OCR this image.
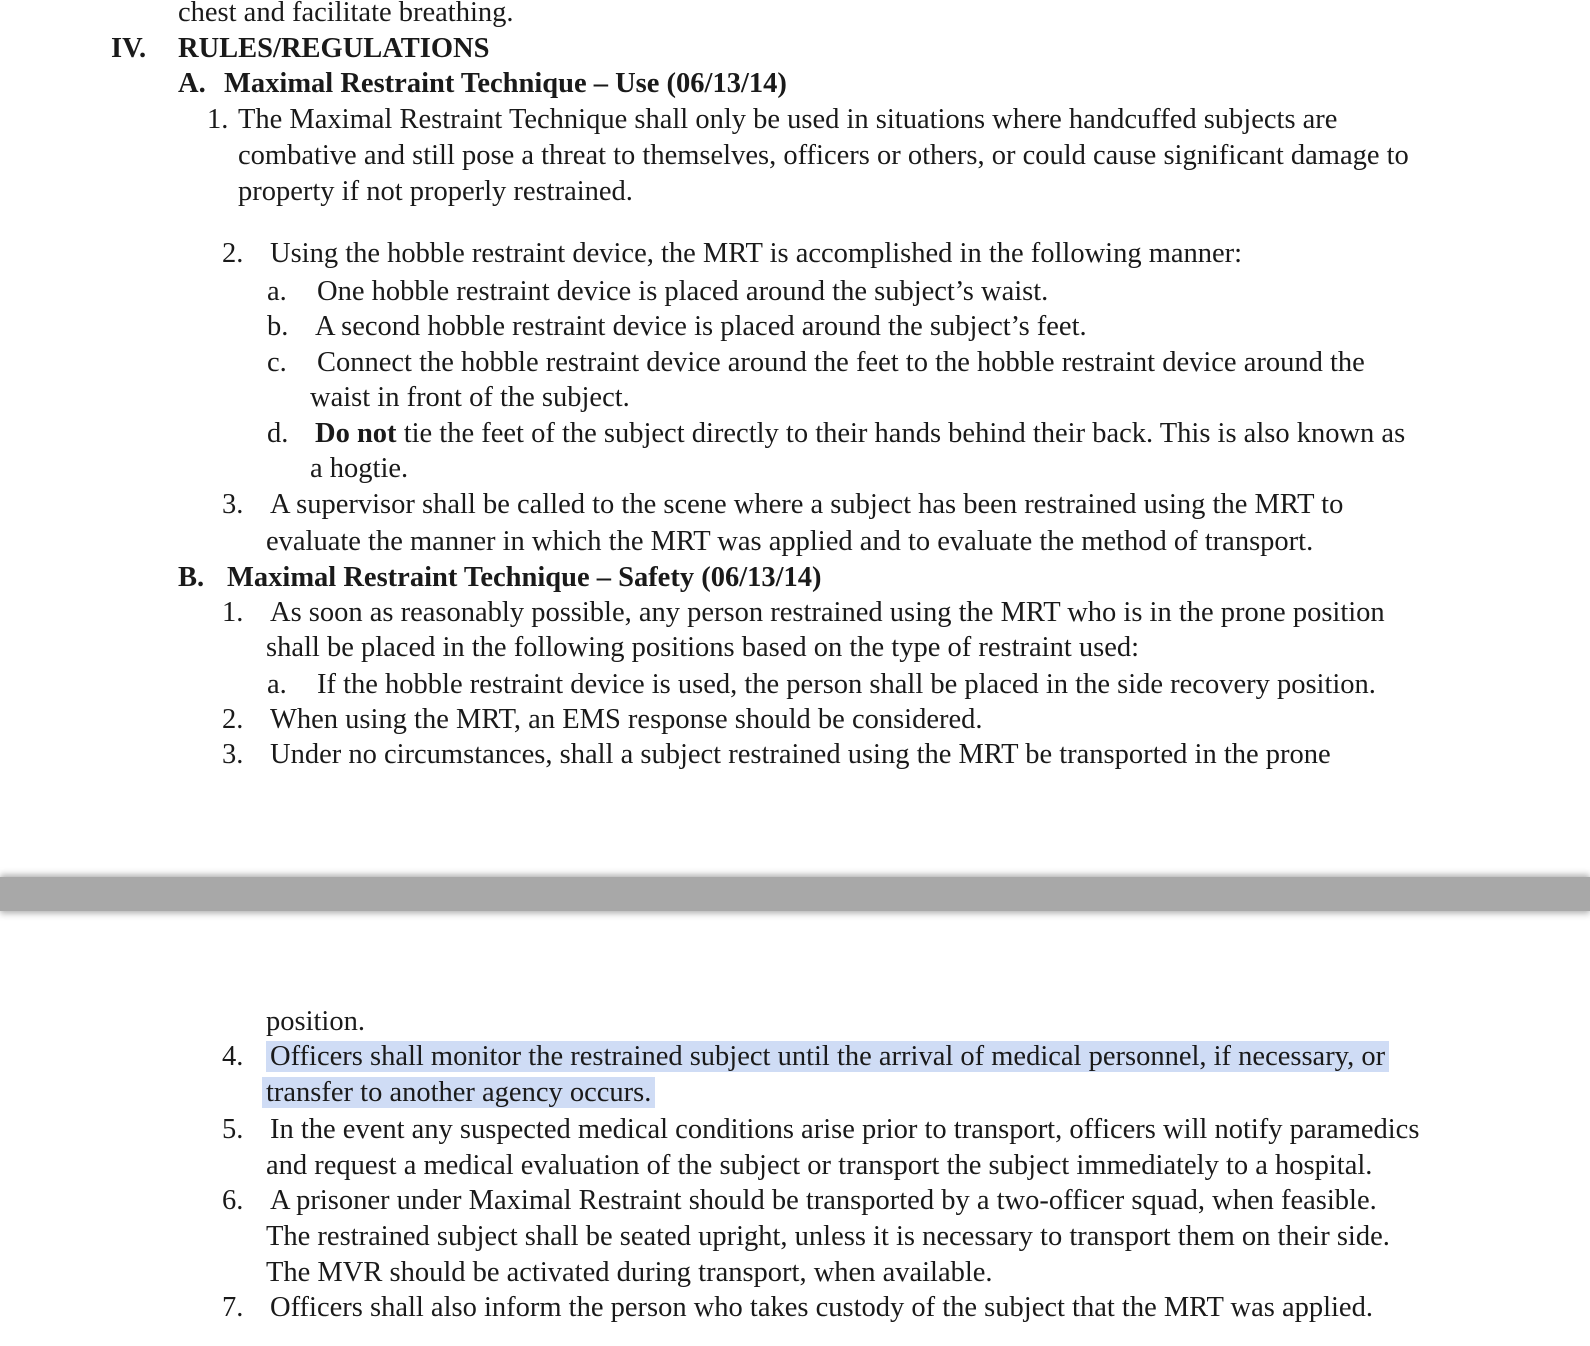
chest and facilitate breathing.
IV. RULES/REGULATIONS
A. Maximal Restraint Technique – Use (06/13/14)
1. The Maximal Restraint Technique shall only be used in situations where handcuffed subjects are
combative and still pose a threat to themselves, officers or others, or could cause significant damage to
property if not properly restrained.
2. Using the hobble restraint device, the MRT is accomplished in the following manner:
a. One hobble restraint device is placed around the subject’s waist.
b. A second hobble restraint device is placed around the subject’s feet.
c. Connect the hobble restraint device around the feet to the hobble restraint device around the
waist in front of the subject.
d. Do not tie the feet of the subject directly to their hands behind their back. This is also known as
a hogtie.
3. A supervisor shall be called to the scene where a subject has been restrained using the MRT to
evaluate the manner in which the MRT was applied and to evaluate the method of transport.
B. Maximal Restraint Technique – Safety (06/13/14)
1. As soon as reasonably possible, any person restrained using the MRT who is in the prone position
shall be placed in the following positions based on the type of restraint used:
a. If the hobble restraint device is used, the person shall be placed in the side recovery position.
2. When using the MRT, an EMS response should be considered.
3. Under no circumstances, shall a subject restrained using the MRT be transported in the prone
position.
4. Officers shall monitor the restrained subject until the arrival of medical personnel, if necessary, or
transfer to another agency occurs.
5. In the event any suspected medical conditions arise prior to transport, officers will notify paramedics
and request a medical evaluation of the subject or transport the subject immediately to a hospital.
6. A prisoner under Maximal Restraint should be transported by a two-officer squad, when feasible.
The restrained subject shall be seated upright, unless it is necessary to transport them on their side.
The MVR should be activated during transport, when available.
7. Officers shall also inform the person who takes custody of the subject that the MRT was applied.
